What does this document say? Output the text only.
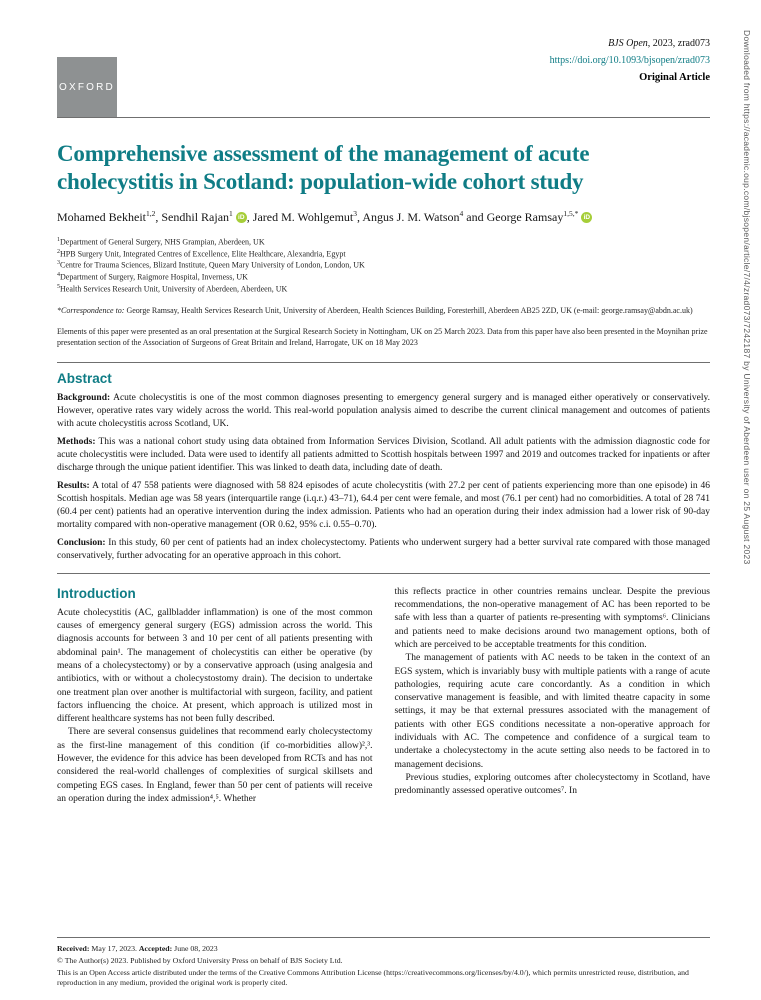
Downloaded from https://academic.oup.com/bjsopen/article/7/4/zrad073/7242187 by University of Aberdeen user on 25 August 2023
OXFORD
BJS Open, 2023, zrad073
https://doi.org/10.1093/bjsopen/zrad073
Original Article
Comprehensive assessment of the management of acute cholecystitis in Scotland: population-wide cohort study
Mohamed Bekheit$^{1,2}$, Sendhil Rajan$^1$ iD , Jared M. Wohlgemut$^3$, Angus J. M. Watson$^4$ and George Ramsay$^{1,5,*}$ iD
$^1$Department of General Surgery, NHS Grampian, Aberdeen, UK
$^2$HPB Surgery Unit, Integrated Centres of Excellence, Elite Healthcare, Alexandria, Egypt
$^3$Centre for Trauma Sciences, Blizard Institute, Queen Mary University of London, London, UK
$^4$Department of Surgery, Raigmore Hospital, Inverness, UK
$^5$Health Services Research Unit, University of Aberdeen, Aberdeen, UK

*Correspondence to: George Ramsay, Health Services Research Unit, University of Aberdeen, Health Sciences Building, Foresterhill, Aberdeen AB25 2ZD, UK (e-mail: george.ramsay@abdn.ac.uk)

Elements of this paper were presented as an oral presentation at the Surgical Research Society in Nottingham, UK on 25 March 2023. Data from this paper have also been presented in the Moynihan prize presentation section of the Association of Surgeons of Great Britain and Ireland, Harrogate, UK on 18 May 2023

Abstract

Background: Acute cholecystitis is one of the most common diagnoses presenting to emergency general surgery and is managed either operatively or conservatively. However, operative rates vary widely across the world. This real-world population analysis aimed to describe the current clinical management and outcomes of patients with acute cholecystitis across Scotland, UK.

Methods: This was a national cohort study using data obtained from Information Services Division, Scotland. All adult patients with the admission diagnostic code for acute cholecystitis were included. Data were used to identify all patients admitted to Scottish hospitals between 1997 and 2019 and outcomes tracked for inpatients or after discharge through the unique patient identifier. This was linked to death data, including date of death.

Results: A total of 47 558 patients were diagnosed with 58 824 episodes of acute cholecystitis (with 27.2 per cent of patients experiencing more than one episode) in 46 Scottish hospitals. Median age was 58 years (interquartile range (i.q.r.) 43–71), 64.4 per cent were female, and most (76.1 per cent) had no comorbidities. A total of 28 741 (60.4 per cent) patients had an operative intervention during the index admission. Patients who had an operation during their index admission had a lower risk of 90-day mortality compared with non-operative management (OR 0.62, 95% c.i. 0.55–0.70).

Conclusion: In this study, 60 per cent of patients had an index cholecystectomy. Patients who underwent surgery had a better survival rate compared with those managed conservatively, further advocating for an operative approach in this cohort.

Introduction

Acute cholecystitis (AC, gallbladder inflammation) is one of the most common causes of emergency general surgery (EGS) admission across the world. This diagnosis accounts for between 3 and 10 per cent of all patients presenting with abdominal pain¹. The management of cholecystitis can either be operative (by means of a cholecystectomy) or by a conservative approach (using analgesia and antibiotics, with or without a cholecystostomy drain). The decision to undertake one treatment plan over another is multifactorial with surgeon, facility, and patient factors influencing the choice. At present, which approach is utilized most in different healthcare systems has not been fully described.

There are several consensus guidelines that recommend early cholecystectomy as the first-line management of this condition (if co-morbidities allow)²,³. However, the evidence for this advice has been developed from RCTs and has not considered the real-world challenges of complexities of surgical skillsets and competing EGS cases. In England, fewer than 50 per cent of patients will receive an operation during the index admission⁴,⁵. Whether

this reflects practice in other countries remains unclear. Despite the previous recommendations, the non-operative management of AC has been reported to be safe with less than a quarter of patients re-presenting with symptoms⁶. Clinicians and patients need to make decisions around two management options, both of which are perceived to be acceptable treatments for this condition.

The management of patients with AC needs to be taken in the context of an EGS system, which is invariably busy with multiple patients with a range of acute pathologies, requiring acute care concordantly. As a condition in which conservative management is feasible, and with limited theatre capacity in some settings, it may be that external pressures associated with the management of patients with other EGS conditions necessitate a non-operative approach for individuals with AC. The competence and confidence of a surgical team to undertake a cholecystectomy in the acute setting also needs to be factored in to management decisions.

Previous studies, exploring outcomes after cholecystectomy in Scotland, have predominantly assessed operative outcomes⁷. In

Received: May 17, 2023. Accepted: June 08, 2023

© The Author(s) 2023. Published by Oxford University Press on behalf of BJS Society Ltd.

This is an Open Access article distributed under the terms of the Creative Commons Attribution License (https://creativecommons.org/licenses/by/4.0/), which permits unrestricted reuse, distribution, and reproduction in any medium, provided the original work is properly cited.
